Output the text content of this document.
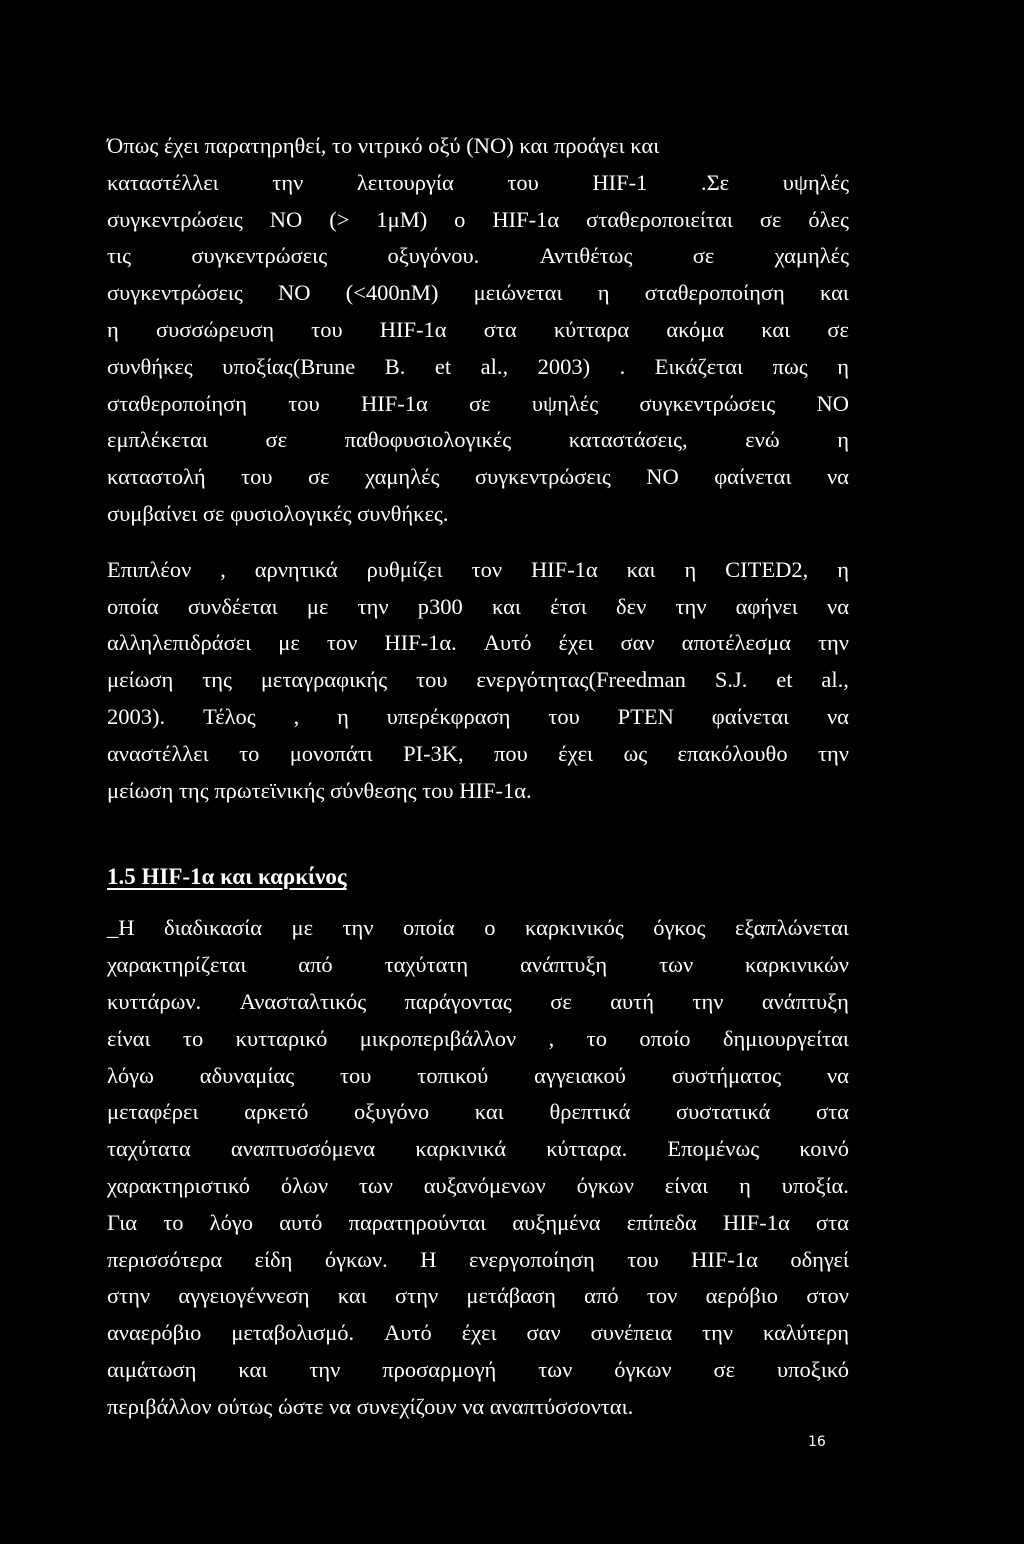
Όπως έχει παρατηρηθεί, το νιτρικό οξύ (ΝΟ) και προάγει και
καταστέλλει την λειτουργία του HIF-1 .Σε υψηλές
συγκεντρώσεις ΝΟ (> 1μΜ) ο HIF-1α σταθεροποιείται σε όλες
τις	συγκεντρώσεις	οξυγόνου.	Αντιθέτως	σε	χαμηλές
συγκεντρώσεις ΝΟ (<400nM) μειώνεται η σταθεροποίηση και
η συσσώρευση του HIF-1α στα κύτταρα ακόμα και σε
συνθήκες υποξίας(Brune B. et al., 2003) . Εικάζεται πως η
σταθεροποίηση του HIF-1α σε υψηλές συγκεντρώσεις ΝΟ
εμπλέκεται	σε	παθοφυσιολογικές	καταστάσεις,	ενώ	η
καταστολή του σε χαμηλές συγκεντρώσεις ΝΟ φαίνεται να
συμβαίνει σε φυσιολογικές συνθήκες.
Επιπλέον , αρνητικά ρυθμίζει τον HIF-1α και η CITED2, η
οποία συνδέεται με την p300 και έτσι δεν την αφήνει να
αλληλεπιδράσει με τον HIF-1α. Αυτό έχει σαν αποτέλεσμα την
μείωση της μεταγραφικής του ενεργότητας(Freedman S.J. et al.,
2003). Τέλος , η υπερέκφραση του PTEN φαίνεται να
αναστέλλει το μονοπάτι PI-3K, που έχει ως επακόλουθο την
μείωση της πρωτεϊνικής σύνθεσης του HIF-1α.
1.5 HIF-1α και καρκίνος
_Η διαδικασία με την οποία ο καρκινικός όγκος εξαπλώνεται
χαρακτηρίζεται από ταχύτατη ανάπτυξη των καρκινικών
κυττάρων. Ανασταλτικός παράγοντας σε αυτή την ανάπτυξη
είναι το κυτταρικό μικροπεριβάλλον , το οποίο δημιουργείται
λόγω αδυναμίας του τοπικού αγγειακού συστήματος να
μεταφέρει αρκετό οξυγόνο και θρεπτικά συστατικά στα
ταχύτατα αναπτυσσόμενα καρκινικά κύτταρα. Επομένως κοινό
χαρακτηριστικό όλων των αυξανόμενων όγκων είναι η υποξία.
Για το λόγο αυτό παρατηρούνται αυξημένα επίπεδα HIF-1α στα
περισσότερα είδη όγκων. Η ενεργοποίηση του HIF-1α οδηγεί
στην αγγειογέννεση και στην μετάβαση από τον αερόβιο στον
αναερόβιο μεταβολισμό. Αυτό έχει σαν συνέπεια την καλύτερη
αιμάτωση και την προσαρμογή των όγκων σε υποξικό
περιβάλλον ούτως ώστε να συνεχίζουν να αναπτύσσονται.
16
